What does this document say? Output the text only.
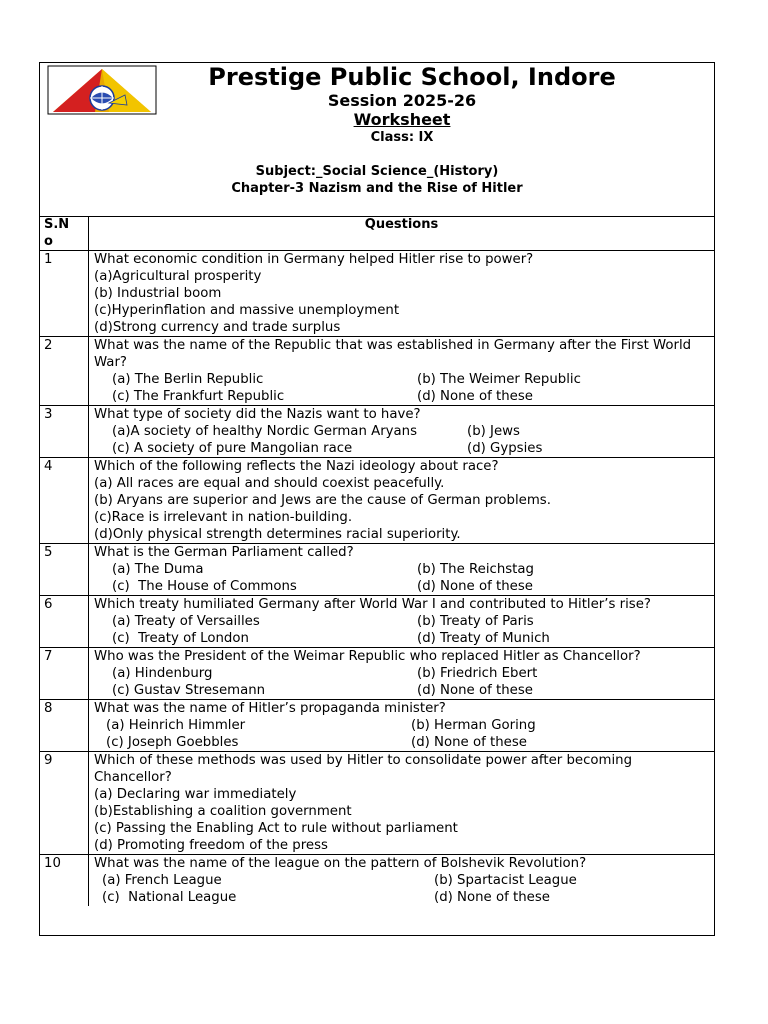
Prestige Public School, Indore
Session 2025-26
Worksheet
Class: IX
Subject:_Social Science_(History)
Chapter-3 Nazism and the Rise of Hitler
S.N
o	Questions
1	What economic condition in Germany helped Hitler rise to power?
(a)Agricultural prosperity
(b) Industrial boom
(c)Hyperinflation and massive unemployment
(d)Strong currency and trade surplus

2	What was the name of the Republic that was established in Germany after the First World War?
(a) The Berlin Republic (b) The Weimer Republic
(c) The Frankfurt Republic (d) None of these

3	What type of society did the Nazis want to have?
(a)A society of healthy Nordic German Aryans (b) Jews
(c) A society of pure Mangolian race (d) Gypsies

4	Which of the following reflects the Nazi ideology about race?
(a) All races are equal and should coexist peacefully.
(b) Aryans are superior and Jews are the cause of German problems.
(c)Race is irrelevant in nation-building.
(d)Only physical strength determines racial superiority.

5	What is the German Parliament called?
(a) The Duma (b) The Reichstag
(c)  The House of Commons (d) None of these

6	Which treaty humiliated Germany after World War I and contributed to Hitler’s rise?
(a) Treaty of Versailles (b) Treaty of Paris
(c)  Treaty of London (d) Treaty of Munich

7	Who was the President of the Weimar Republic who replaced Hitler as Chancellor?
(a) Hindenburg (b) Friedrich Ebert
(c) Gustav Stresemann (d) None of these

8	What was the name of Hitler’s propaganda minister?
(a) Heinrich Himmler (b) Herman Goring
(c) Joseph Goebbles (d) None of these

9	Which of these methods was used by Hitler to consolidate power after becoming Chancellor?
(a) Declaring war immediately
(b)Establishing a coalition government
(c) Passing the Enabling Act to rule without parliament
(d) Promoting freedom of the press

10	What was the name of the league on the pattern of Bolshevik Revolution?
(a) French League (b) Spartacist League
(c)  National League (d) None of these
